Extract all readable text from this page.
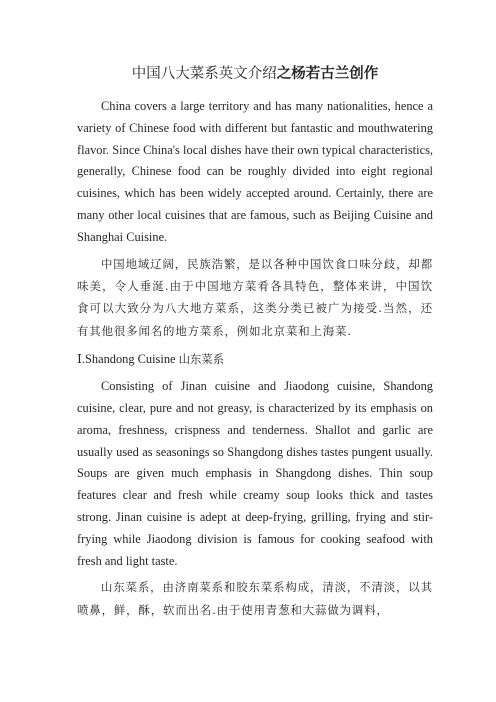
中国八大菜系英文介绍之杨若古兰创作

China covers a large territory and has many nationalities, hence a variety of Chinese food with different but fantastic and mouthwatering flavor. Since China's local dishes have their own typical characteristics, generally, Chinese food can be roughly divided into eight regional cuisines, which has been widely accepted around. Certainly, there are many other local cuisines that are famous, such as Beijing Cuisine and Shanghai Cuisine.

中国地域辽阔，民族浩繁，是以各种中国饮食口味分歧，却都味美，令人垂涎.由于中国地方菜肴各具特色，整体来讲，中国饮食可以大致分为八大地方菜系，这类分类已被广为接受.当然，还有其他很多闻名的地方菜系，例如北京菜和上海菜.

Ⅰ.Shandong Cuisine 山东菜系

Consisting of Jinan cuisine and Jiaodong cuisine, Shandong cuisine, clear, pure and not greasy, is characterized by its emphasis on aroma, freshness, crispness and tenderness. Shallot and garlic are usually used as seasonings so Shangdong dishes tastes pungent usually. Soups are given much emphasis in Shangdong dishes. Thin soup features clear and fresh while creamy soup looks thick and tastes strong. Jinan cuisine is adept at deep-frying, grilling, frying and stir-frying while Jiaodong division is famous for cooking seafood with fresh and light taste.

山东菜系，由济南菜系和胶东菜系构成，清淡，不清淡，以其喷鼻，鲜，酥，软而出名.由于使用青葱和大蒜做为调料，
